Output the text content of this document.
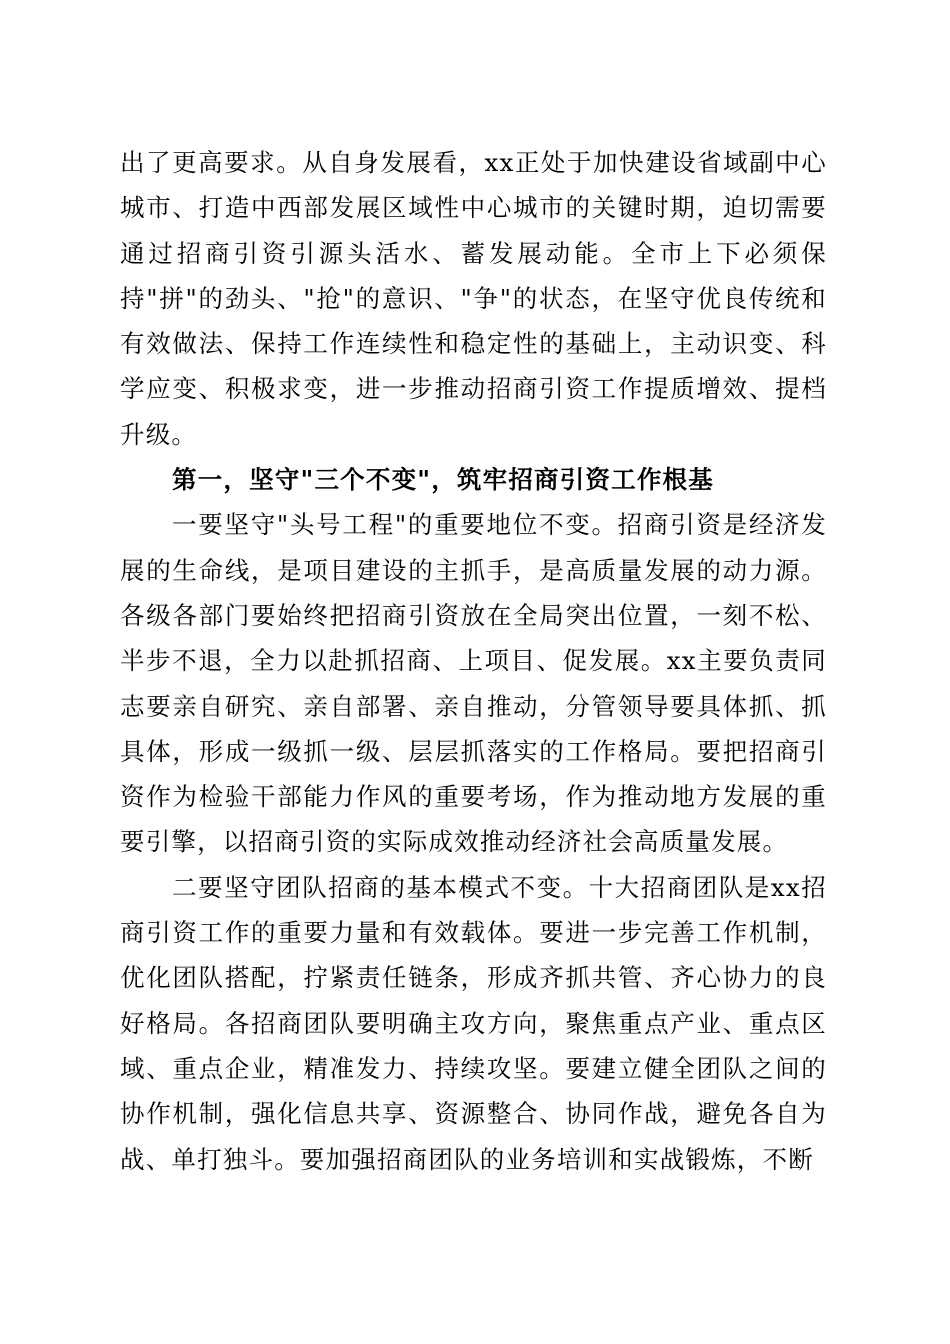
出了更高要求。从自身发展看，xx正处于加快建设省域副中心城市、打造中西部发展区域性中心城市的关键时期，迫切需要通过招商引资引源头活水、蓄发展动能。全市上下必须保持"拼"的劲头、"抢"的意识、"争"的状态，在坚守优良传统和有效做法、保持工作连续性和稳定性的基础上，主动识变、科学应变、积极求变，进一步推动招商引资工作提质增效、提档升级。

第一，坚守"三个不变"，筑牢招商引资工作根基

一要坚守"头号工程"的重要地位不变。招商引资是经济发展的生命线，是项目建设的主抓手，是高质量发展的动力源。各级各部门要始终把招商引资放在全局突出位置，一刻不松、半步不退，全力以赴抓招商、上项目、促发展。xx主要负责同志要亲自研究、亲自部署、亲自推动，分管领导要具体抓、抓具体，形成一级抓一级、层层抓落实的工作格局。要把招商引资作为检验干部能力作风的重要考场，作为推动地方发展的重要引擎，以招商引资的实际成效推动经济社会高质量发展。

二要坚守团队招商的基本模式不变。十大招商团队是xx招商引资工作的重要力量和有效载体。要进一步完善工作机制，优化团队搭配，拧紧责任链条，形成齐抓共管、齐心协力的良好格局。各招商团队要明确主攻方向，聚焦重点产业、重点区域、重点企业，精准发力、持续攻坚。要建立健全团队之间的协作机制，强化信息共享、资源整合、协同作战，避免各自为战、单打独斗。要加强招商团队的业务培训和实战锻炼，不断
